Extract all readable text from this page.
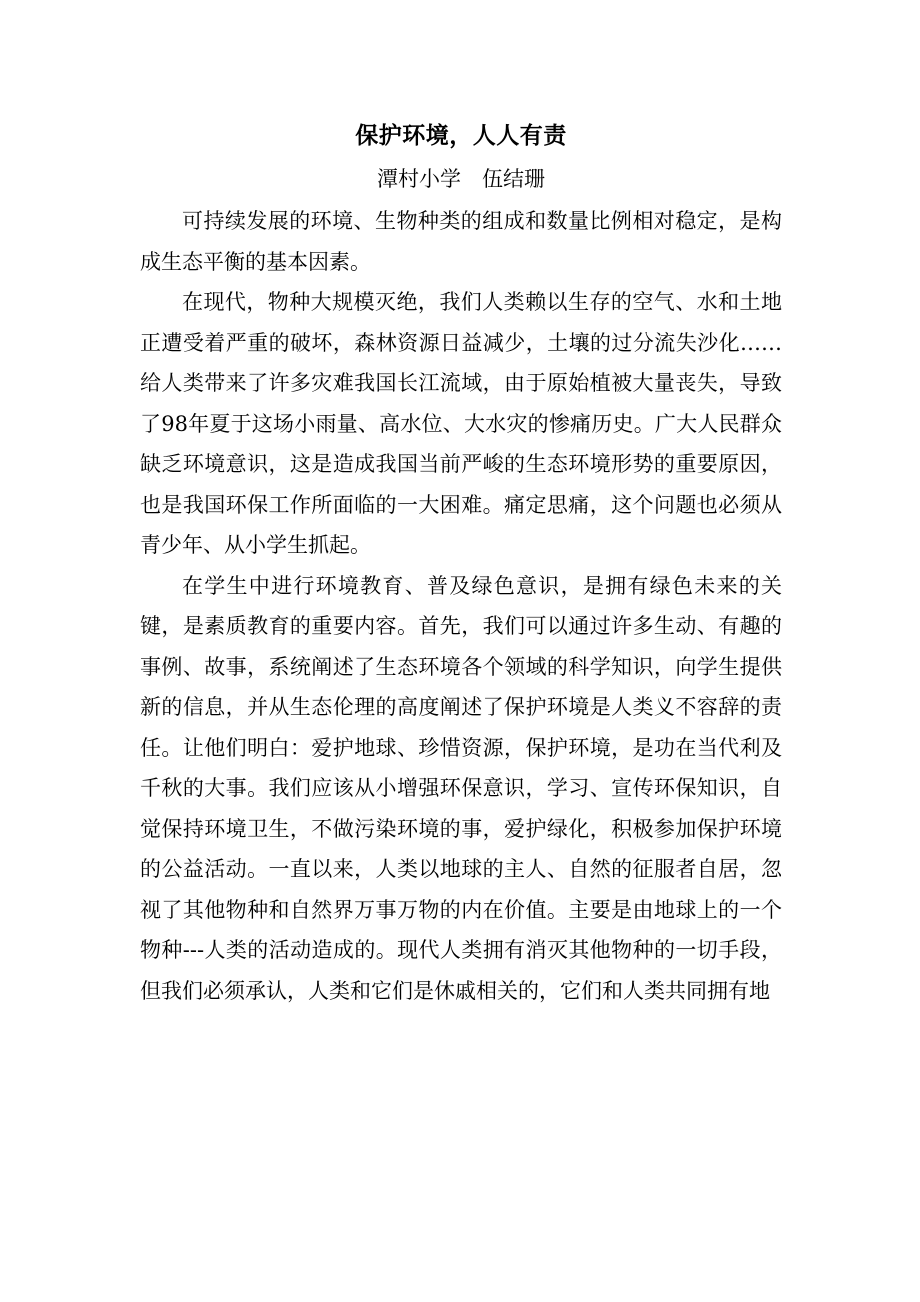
保护环境，人人有责

潭村小学　伍结珊

可持续发展的环境、生物种类的组成和数量比例相对稳定，是构成生态平衡的基本因素。

在现代，物种大规模灭绝，我们人类赖以生存的空气、水和土地正遭受着严重的破坏，森林资源日益减少，土壤的过分流失沙化……给人类带来了许多灾难我国长江流域，由于原始植被大量丧失，导致了98年夏于这场小雨量、高水位、大水灾的惨痛历史。广大人民群众缺乏环境意识，这是造成我国当前严峻的生态环境形势的重要原因，也是我国环保工作所面临的一大困难。痛定思痛，这个问题也必须从青少年、从小学生抓起。

在学生中进行环境教育、普及绿色意识，是拥有绿色未来的关键，是素质教育的重要内容。首先，我们可以通过许多生动、有趣的事例、故事，系统阐述了生态环境各个领域的科学知识，向学生提供新的信息，并从生态伦理的高度阐述了保护环境是人类义不容辞的责任。让他们明白：爱护地球、珍惜资源，保护环境，是功在当代利及千秋的大事。我们应该从小增强环保意识，学习、宣传环保知识，自觉保持环境卫生，不做污染环境的事，爱护绿化，积极参加保护环境的公益活动。一直以来，人类以地球的主人、自然的征服者自居，忽视了其他物种和自然界万事万物的内在价值。主要是由地球上的一个物种---人类的活动造成的。现代人类拥有消灭其他物种的一切手段，但我们必须承认，人类和它们是休戚相关的，它们和人类共同拥有地
